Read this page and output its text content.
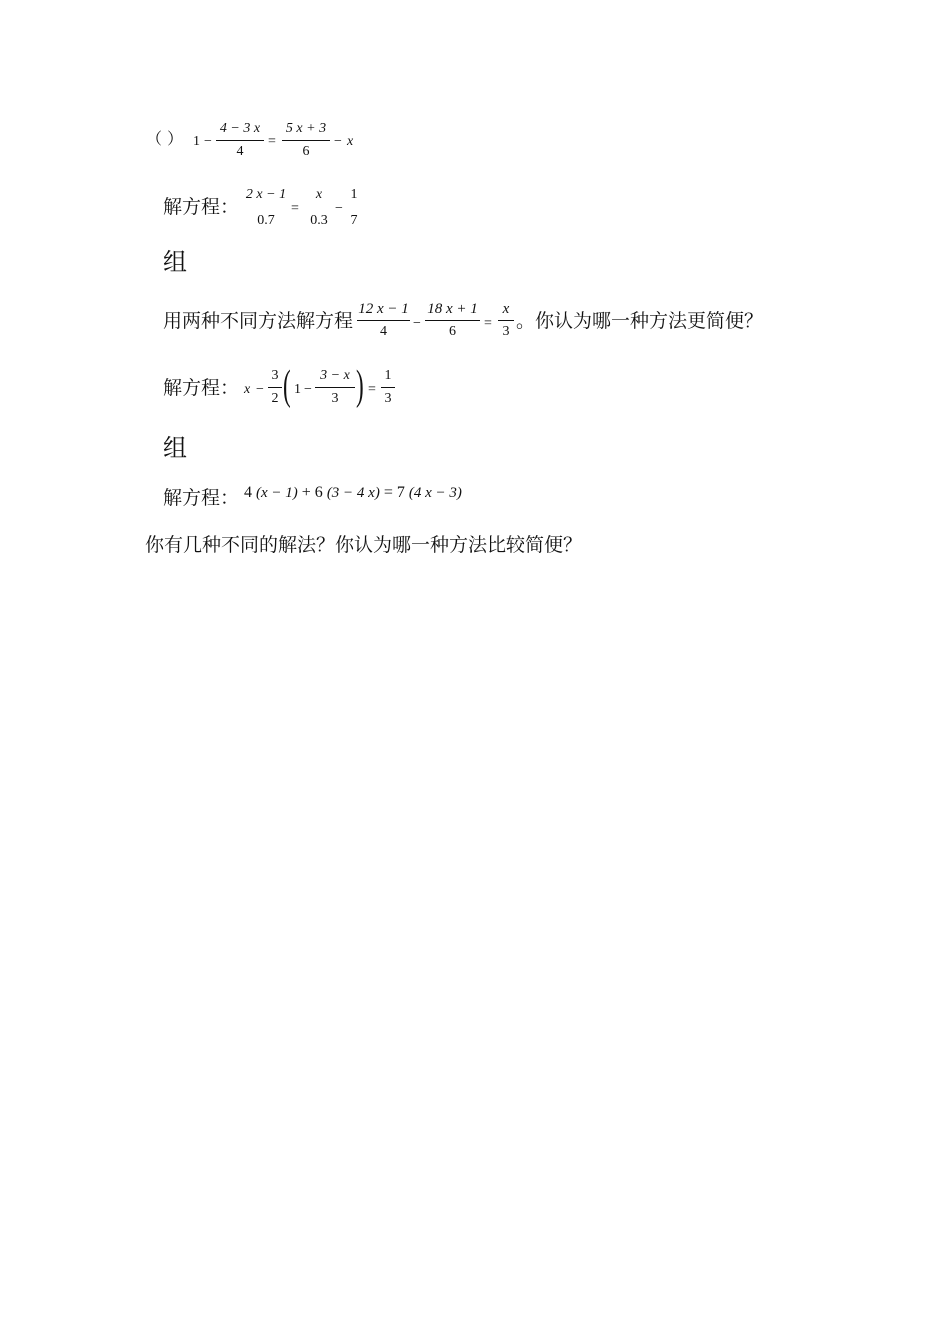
（ ） 1 −
4 − 3 x
4
=
5 x + 3
6
− x
解方程：
2 x − 1
0.7
=
x
0.3
−
1
7
组
用两种不同方法解方程
12 x − 1
4
−
18 x + 1
6
=
x
3 。你认为哪一种方法更简便？
解方程： x −
3
2 ( 1 −
3 − x
3 ) =
1
3
组
解方程： 4 (x − 1) + 6 (3 − 4 x) = 7 (4 x − 3)
你有几种不同的解法？你认为哪一种方法比较简便？
